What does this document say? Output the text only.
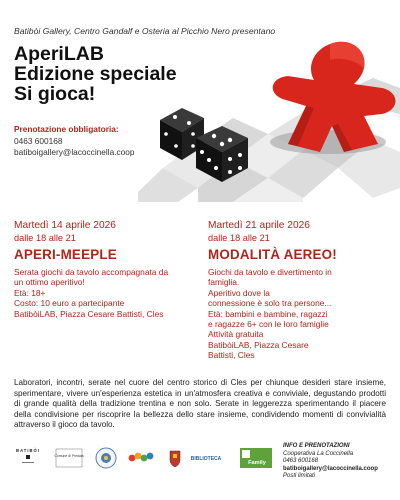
Batibòi Gallery, Centro Gandalf e Osteria al Picchio Nero presentano
AperiLAB
Edizione speciale
Si gioca!
Prenotazione obbligatoria:
0463 600168
batiboigallery@lacoccinella.coop
Martedì 14 aprile 2026
dalle 18 alle 21
APERI-MEEPLE
Serata giochi da tavolo accompagnata da
un ottimo aperitivo!
Età: 18+
Costo: 10 euro a partecipante
BatibòiLAB, Piazza Cesare Battisti, Cles
Martedì 21 aprile 2026
dalle 18 alle 21
MODALITÀ AEREO!
Giochi da tavolo e divertimento in
famiglia.
Aperitivo dove la
connessione è solo tra persone...
Età: bambini e bambine, ragazzi
e ragazze 6+ con le loro famiglie
Attività gratuita
BatibòiLAB, Piazza Cesare
Battisti, Cles
Laboratori, incontri, serate nel cuore del centro storico di Cles per chiunque desideri stare insieme, sperimentare, vivere un'esperienza estetica in un'atmosfera creativa e conviviale, degustando prodotti di grande qualità della tradizione trentina e non solo. Serate in leggerezza sperimentando il piacere della condivisione per riscoprire la bellezza dello stare insieme, condividendo momenti di convivialità attraverso il gioco da tavolo.
BATIBÒI
Comune di Predaia	BIBLIOTECA
Family
INFO E PRENOTAZIONI
Cooperativa La Coccinella
0463 600168
batiboigallery@lacoccinella.coop
Posti limitati
